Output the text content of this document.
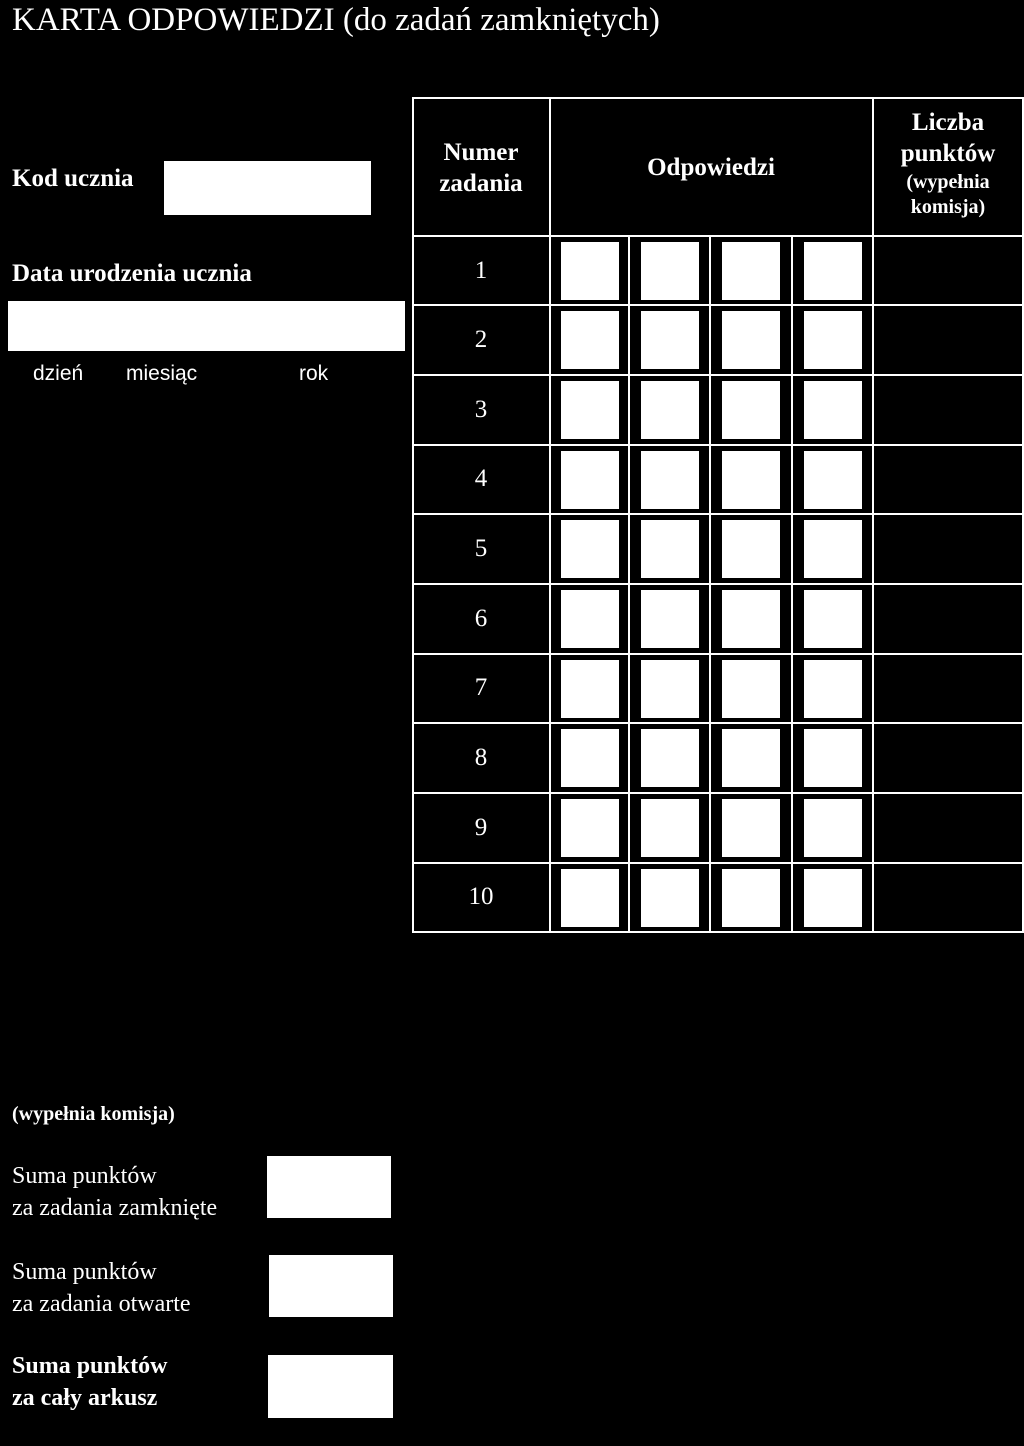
KARTA ODPOWIEDZI (do zadań zamkniętych)
Kod ucznia
Data urodzenia ucznia
dzień miesiąc	rok
Numer
zadania
Odpowiedzi
Liczba
punktów
(wypełnia
komisja)
1
2
3
4
5
6
7
8
9
10
(wypełnia komisja)
Suma punktów
za zadania zamknięte
Suma punktów
za zadania otwarte
Suma punktów
za cały arkusz
